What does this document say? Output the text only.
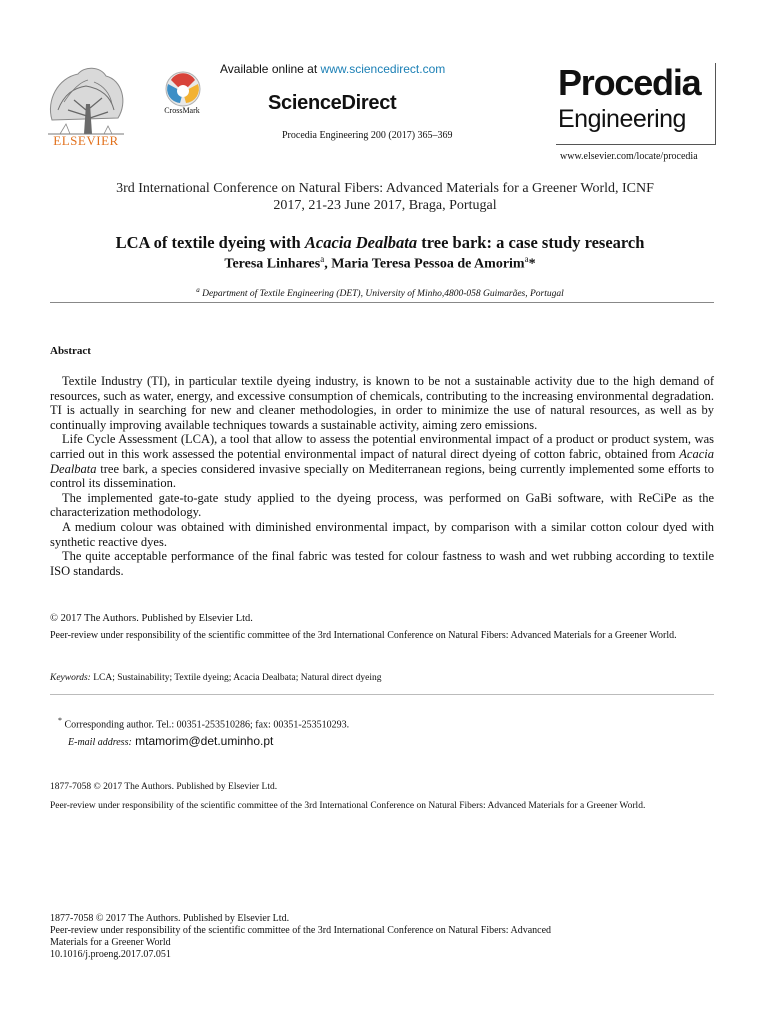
ELSEVIER
CrossMark
Available online at www.sciencedirect.com
ScienceDirect
Procedia Engineering 200 (2017) 365–369
Procedia
Engineering
www.elsevier.com/locate/procedia
3rd International Conference on Natural Fibers: Advanced Materials for a Greener World, ICNF
2017, 21-23 June 2017, Braga, Portugal
LCA of textile dyeing with Acacia Dealbata tree bark: a case study research
Teresa Linhares$^a$, Maria Teresa Pessoa de Amorim$^a$*
$^a$ Department of Textile Engineering (DET), University of Minho,4800-058 Guimarães, Portugal
Abstract

Textile Industry (TI), in particular textile dyeing industry, is known to be not a sustainable activity due to the high demand of resources, such as water, energy, and excessive consumption of chemicals, contributing to the increasing environmental degradation. TI is actually in searching for new and cleaner methodologies, in order to minimize the use of natural resources, as well as by continually improving available techniques towards a sustainable activity, aiming zero emissions.

Life Cycle Assessment (LCA), a tool that allow to assess the potential environmental impact of a product or product system, was carried out in this work assessed the potential environmental impact of natural direct dyeing of cotton fabric, obtained from Acacia Dealbata tree bark, a species considered invasive specially on Mediterranean regions, being currently implemented some efforts to control its dissemination.

The implemented gate-to-gate study applied to the dyeing process, was performed on GaBi software, with ReCiPe as the characterization methodology.

A medium colour was obtained with diminished environmental impact, by comparison with a similar cotton colour dyed with synthetic reactive dyes.

The quite acceptable performance of the final fabric was tested for colour fastness to wash and wet rubbing according to textile ISO standards.

© 2017 The Authors. Published by Elsevier Ltd.
Peer-review under responsibility of the scientific committee of the 3rd International Conference on Natural Fibers: Advanced Materials for a Greener World.
Keywords: LCA; Sustainability; Textile dyeing; Acacia Dealbata; Natural direct dyeing
* Corresponding author. Tel.: 00351-253510286; fax: 00351-253510293.
E-mail address: mtamorim@det.uminho.pt
1877-7058 © 2017 The Authors. Published by Elsevier Ltd.
Peer-review under responsibility of the scientific committee of the 3rd International Conference on Natural Fibers: Advanced Materials for a Greener World.
1877-7058 © 2017 The Authors. Published by Elsevier Ltd.
Peer-review under responsibility of the scientific committee of the 3rd International Conference on Natural Fibers: Advanced
Materials for a Greener World
10.1016/j.proeng.2017.07.051
